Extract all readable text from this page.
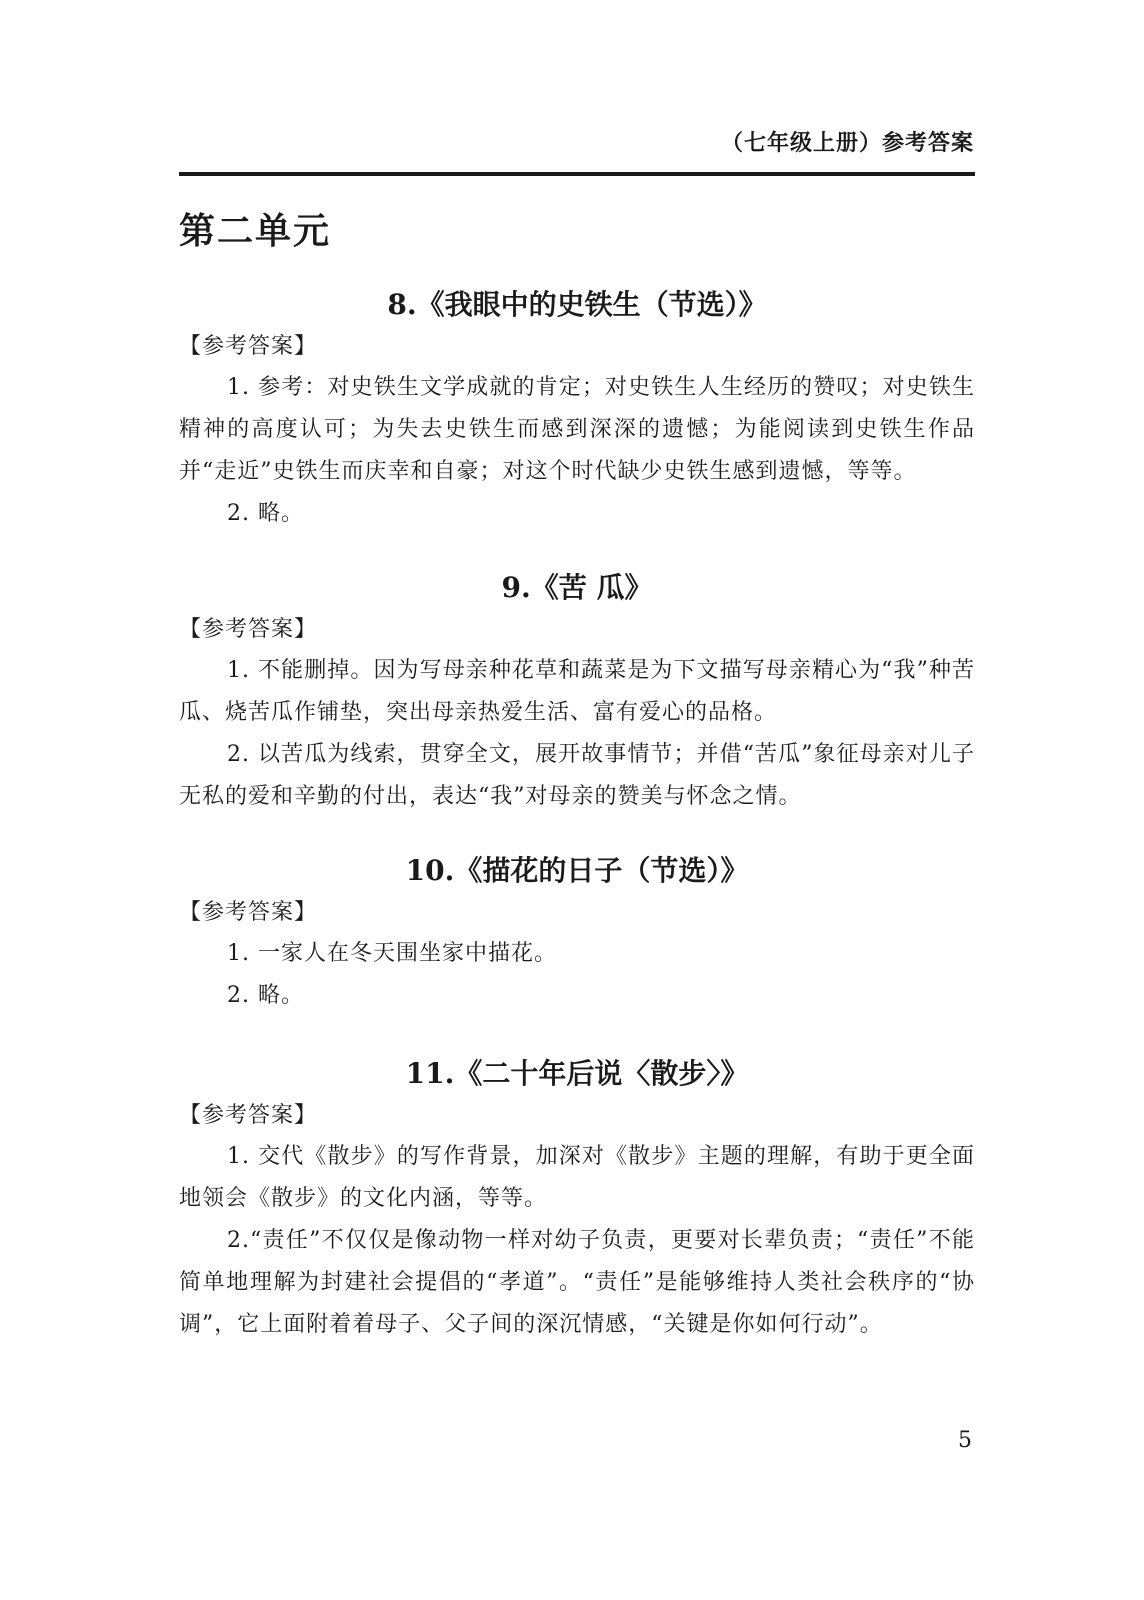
（七年级上册）参考答案
第二单元
8.《我眼中的史铁生（节选）》

【参考答案】

1. 参考：对史铁生文学成就的肯定；对史铁生人生经历的赞叹；对史铁生精神的高度认可；为失去史铁生而感到深深的遗憾；为能阅读到史铁生作品并“走近”史铁生而庆幸和自豪；对这个时代缺少史铁生感到遗憾，等等。

2. 略。

9.《苦 瓜》

【参考答案】

1. 不能删掉。因为写母亲种花草和蔬菜是为下文描写母亲精心为“我”种苦瓜、烧苦瓜作铺垫，突出母亲热爱生活、富有爱心的品格。

2. 以苦瓜为线索，贯穿全文，展开故事情节；并借“苦瓜”象征母亲对儿子无私的爱和辛勤的付出，表达“我”对母亲的赞美与怀念之情。

10.《描花的日子（节选）》

【参考答案】

1. 一家人在冬天围坐家中描花。

2. 略。

11.《二十年后说〈散步〉》

【参考答案】

1. 交代《散步》的写作背景，加深对《散步》主题的理解，有助于更全面地领会《散步》的文化内涵，等等。

2.“责任”不仅仅是像动物一样对幼子负责，更要对长辈负责；“责任”不能简单地理解为封建社会提倡的“孝道”。“责任”是能够维持人类社会秩序的“协调”，它上面附着着母子、父子间的深沉情感，“关键是你如何行动”。

5
